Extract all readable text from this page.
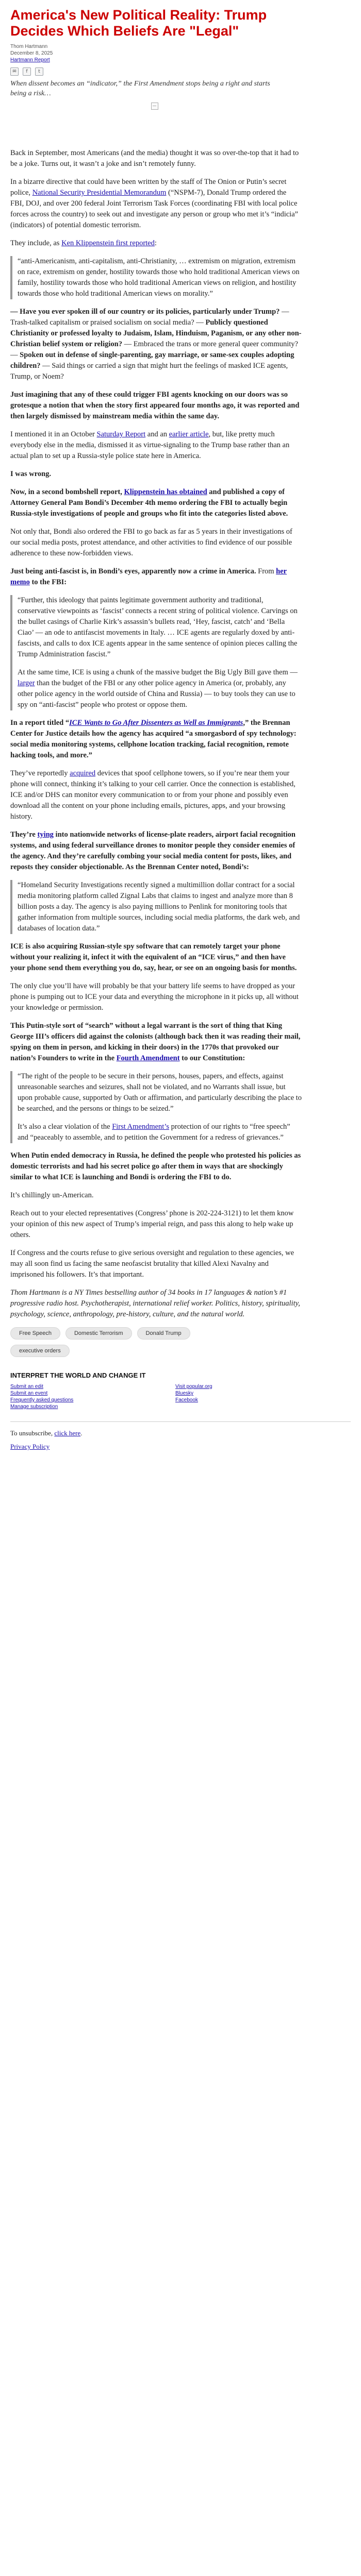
America's New Political Reality: Trump Decides Which Beliefs Are "Legal"
Thom Hartmann
December 8, 2025
Hartmann Report
✉	f	t
When dissent becomes an “indicator,” the First Amendment stops being a right and starts being a risk…

Back in September, most Americans (and the media) thought it was so over-the-top that it had to be a joke. Turns out, it wasn’t a joke and isn’t remotely funny.

In a bizarre directive that could have been written by the staff of The Onion or Putin’s secret police, National Security Presidential Memorandum (“NSPM-7), Donald Trump ordered the FBI, DOJ, and over 200 federal Joint Terrorism Task Forces (coordinating FBI with local police forces across the country) to seek out and investigate any person or group who met it’s “indicia” (indicators) of potential domestic terrorism.

They include, as Ken Klippenstein first reported:

“anti-Americanism, anti-capitalism, anti-Christianity, … extremism on migration, extremism on race, extremism on gender, hostility towards those who hold traditional American views on family, hostility towards those who hold traditional American views on religion, and hostility towards those who hold traditional American views on morality.”

— Have you ever spoken ill of our country or its policies, particularly under Trump? — Trash-talked capitalism or praised socialism on social media? — Publicly questioned Christianity or professed loyalty to Judaism, Islam, Hinduism, Paganism, or any other non-Christian belief system or religion? — Embraced the trans or more general queer community? — Spoken out in defense of single-parenting, gay marriage, or same-sex couples adopting children? — Said things or carried a sign that might hurt the feelings of masked ICE agents, Trump, or Noem?

Just imagining that any of these could trigger FBI agents knocking on our doors was so grotesque a notion that when the story first appeared four months ago, it was reported and then largely dismissed by mainstream media within the same day.

I mentioned it in an October Saturday Report and an earlier article, but, like pretty much everybody else in the media, dismissed it as virtue-signaling to the Trump base rather than an actual plan to set up a Russia-style police state here in America.

I was wrong.

Now, in a second bombshell report, Klippenstein has obtained and published a copy of Attorney General Pam Bondi’s December 4th memo ordering the FBI to actually begin Russia-style investigations of people and groups who fit into the categories listed above.

Not only that, Bondi also ordered the FBI to go back as far as 5 years in their investigations of our social media posts, protest attendance, and other activities to find evidence of our possible adherence to these now-forbidden views.

Just being anti-fascist is, in Bondi’s eyes, apparently now a crime in America. From her memo to the FBI:

“Further, this ideology that paints legitimate government authority and traditional, conservative viewpoints as ‘fascist’ connects a recent string of political violence. Carvings on the bullet casings of Charlie Kirk’s assassin’s bullets read, ‘Hey, fascist, catch’ and ‘Bella Ciao’ — an ode to antifascist movements in Italy. … ICE agents are regularly doxed by anti-fascists, and calls to dox ICE agents appear in the same sentence of opinion pieces calling the Trump Administration fascist.”

At the same time, ICE is using a chunk of the massive budget the Big Ugly Bill gave them — larger than the budget of the FBI or any other police agency in America (or, probably, any other police agency in the world outside of China and Russia) — to buy tools they can use to spy on “anti-fascist” people who protest or oppose them.

In a report titled “ICE Wants to Go After Dissenters as Well as Immigrants,” the Brennan Center for Justice details how the agency has acquired “a smorgasbord of spy technology: social media monitoring systems, cellphone location tracking, facial recognition, remote hacking tools, and more.”

They’ve reportedly acquired devices that spoof cellphone towers, so if you’re near them your phone will connect, thinking it’s talking to your cell carrier. Once the connection is established, ICE and/or DHS can monitor every communication to or from your phone and possibly even download all the content on your phone including emails, pictures, apps, and your browsing history.

They’re tying into nationwide networks of license-plate readers, airport facial recognition systems, and using federal surveillance drones to monitor people they consider enemies of the agency. And they’re carefully combing your social media content for posts, likes, and reposts they consider objectionable. As the Brennan Center noted, Bondi’s:

“Homeland Security Investigations recently signed a multimillion dollar contract for a social media monitoring platform called Zignal Labs that claims to ingest and analyze more than 8 billion posts a day. The agency is also paying millions to Penlink for monitoring tools that gather information from multiple sources, including social media platforms, the dark web, and databases of location data.”

ICE is also acquiring Russian-style spy software that can remotely target your phone without your realizing it, infect it with the equivalent of an “ICE virus,” and then have your phone send them everything you do, say, hear, or see on an ongoing basis for months.

The only clue you’ll have will probably be that your battery life seems to have dropped as your phone is pumping out to ICE your data and everything the microphone in it picks up, all without your knowledge or permission.

This Putin-style sort of “search” without a legal warrant is the sort of thing that King George III’s officers did against the colonists (although back then it was reading their mail, spying on them in person, and kicking in their doors) in the 1770s that provoked our nation’s Founders to write in the Fourth Amendment to our Constitution:

“The right of the people to be secure in their persons, houses, papers, and effects, against unreasonable searches and seizures, shall not be violated, and no Warrants shall issue, but upon probable cause, supported by Oath or affirmation, and particularly describing the place to be searched, and the persons or things to be seized.”

It’s also a clear violation of the First Amendment’s protection of our rights to “free speech” and “peaceably to assemble, and to petition the Government for a redress of grievances.”

When Putin ended democracy in Russia, he defined the people who protested his policies as domestic terrorists and had his secret police go after them in ways that are shockingly similar to what ICE is launching and Bondi is ordering the FBI to do.

It’s chillingly un-American.

Reach out to your elected representatives (Congress’ phone is 202-224-3121) to let them know your opinion of this new aspect of Trump’s imperial reign, and pass this along to help wake up others.

If Congress and the courts refuse to give serious oversight and regulation to these agencies, we may all soon find us facing the same neofascist brutality that killed Alexi Navalny and imprisoned his followers. It’s that important.

Thom Hartmann is a NY Times bestselling author of 34 books in 17 languages & nation’s #1 progressive radio host. Psychotherapist, international relief worker. Politics, history, spirituality, psychology, science, anthropology, pre-history, culture, and the natural world.

Free Speech	Domestic Terrorism	Donald Trump
executive orders
INTERPRET THE WORLD AND CHANGE IT
Submit an edit	Visit popular.org
Submit an event	Bluesky
Frequently asked questions	Facebook
Manage subscription

To unsubscribe, click here.

Privacy Policy
